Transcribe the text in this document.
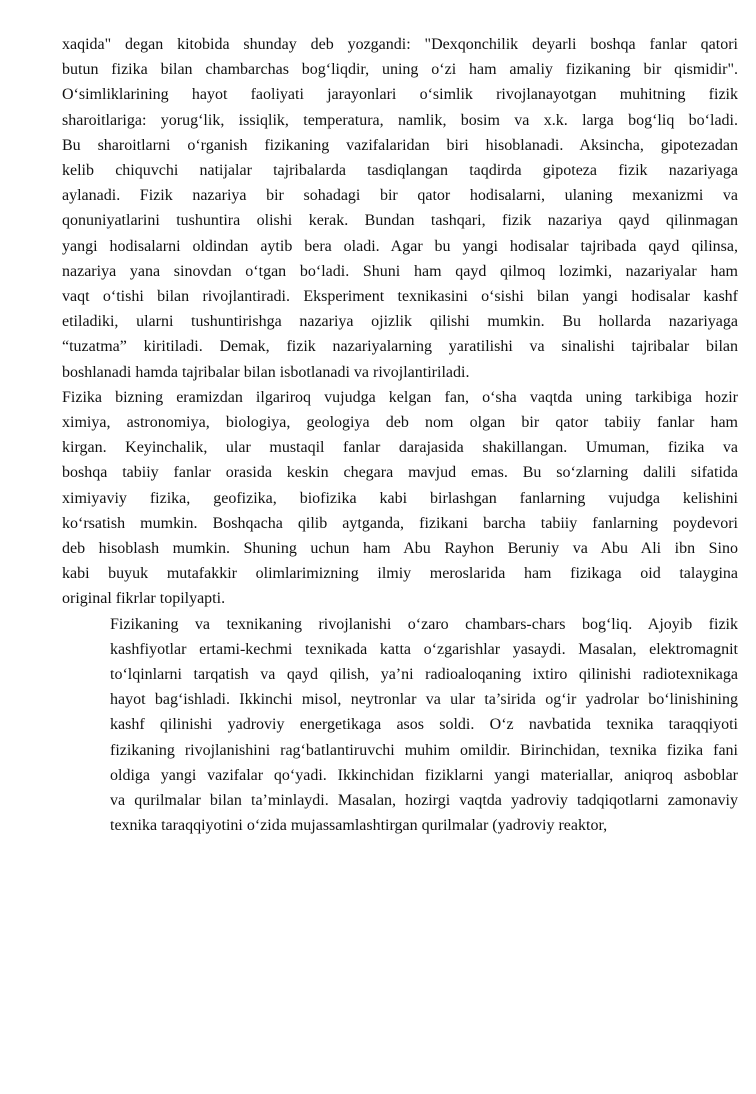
xaqida" degan kitobida shunday deb yozgandi: "Dexqonchilik deyarli boshqa fanlar qatori
butun fizika bilan chambarchas bog‘liqdir, uning o‘zi ham amaliy fizikaning bir qismidir".
O‘simliklarining hayot faoliyati jarayonlari o‘simlik rivojlanayotgan muhitning fizik
sharoitlariga: yorug‘lik, issiqlik, temperatura, namlik, bosim va x.k. larga bog‘liq bo‘ladi.
Bu sharoitlarni o‘rganish fizikaning vazifalaridan biri hisoblanadi. Aksincha, gipotezadan
kelib chiquvchi natijalar tajribalarda tasdiqlangan taqdirda gipoteza fizik nazariyaga
aylanadi. Fizik nazariya bir sohadagi bir qator hodisalarni, ulaning mexanizmi va
qonuniyatlarini tushuntira olishi kerak. Bundan tashqari, fizik nazariya qayd qilinmagan
yangi hodisalarni oldindan aytib bera oladi. Agar bu yangi hodisalar tajribada qayd qilinsa,
nazariya yana sinovdan o‘tgan bo‘ladi. Shuni ham qayd qilmoq lozimki, nazariyalar ham
vaqt o‘tishi bilan rivojlantiradi. Eksperiment texnikasini o‘sishi bilan yangi hodisalar kashf
etiladiki, ularni tushuntirishga nazariya ojizlik qilishi mumkin. Bu hollarda nazariyaga
“tuzatma” kiritiladi. Demak, fizik nazariyalarning yaratilishi va sinalishi tajribalar bilan
boshlanadi hamda tajribalar bilan isbotlanadi va rivojlantiriladi.
Fizika bizning eramizdan ilgariroq vujudga kelgan fan, o‘sha vaqtda uning tarkibiga hozir
ximiya, astronomiya, biologiya, geologiya deb nom olgan bir qator tabiiy fanlar ham
kirgan. Keyinchalik, ular mustaqil fanlar darajasida shakillangan. Umuman, fizika va
boshqa tabiiy fanlar orasida keskin chegara mavjud emas. Bu so‘zlarning dalili sifatida
ximiyaviy fizika, geofizika, biofizika kabi birlashgan fanlarning vujudga kelishini
ko‘rsatish mumkin. Boshqacha qilib aytganda, fizikani barcha tabiiy fanlarning poydevori
deb hisoblash mumkin. Shuning uchun ham Abu Rayhon Beruniy va Abu Ali ibn Sino
kabi buyuk mutafakkir olimlarimizning ilmiy meroslarida ham fizikaga oid talaygina
original fikrlar topilyapti.
Fizikaning va texnikaning rivojlanishi o‘zaro chambars-chars bog‘liq. Ajoyib fizik
kashfiyotlar ertami-kechmi texnikada katta o‘zgarishlar yasaydi. Masalan, elektromagnit
to‘lqinlarni tarqatish va qayd qilish, ya’ni radioaloqaning ixtiro qilinishi radiotexnikaga
hayot bag‘ishladi. Ikkinchi misol, neytronlar va ular ta’sirida og‘ir yadrolar bo‘linishining
kashf qilinishi yadroviy energetikaga asos soldi. O‘z navbatida texnika taraqqiyoti
fizikaning rivojlanishini rag‘batlantiruvchi muhim omildir. Birinchidan, texnika fizika fani
oldiga yangi vazifalar qo‘yadi. Ikkinchidan fiziklarni yangi materiallar, aniqroq asboblar
va qurilmalar bilan ta’minlaydi. Masalan, hozirgi vaqtda yadroviy tadqiqotlarni zamonaviy
texnika taraqqiyotini o‘zida mujassamlashtirgan qurilmalar (yadroviy reaktor,
